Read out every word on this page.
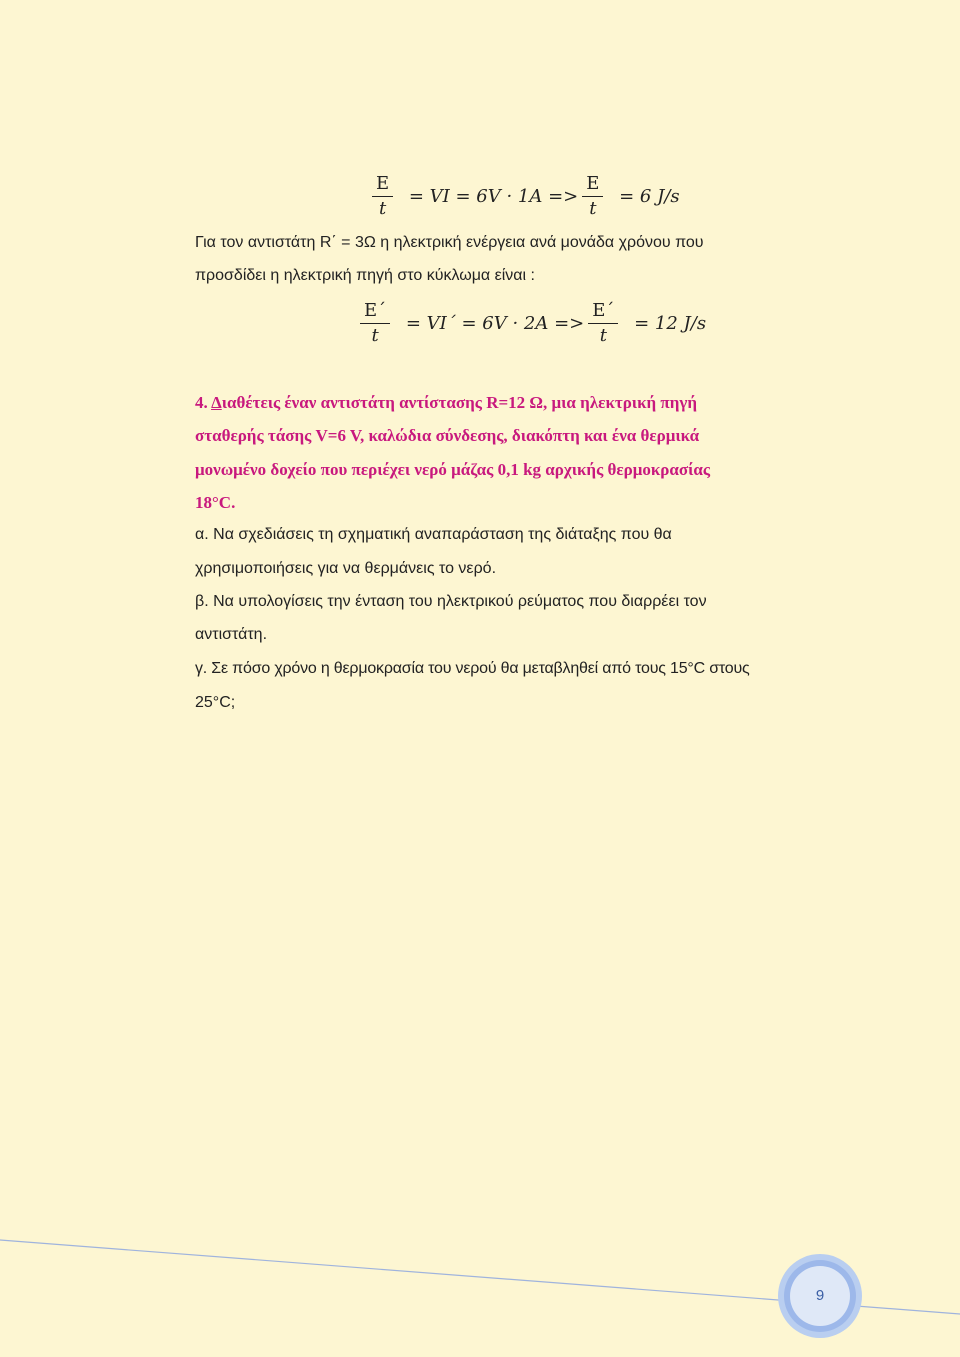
$\frac{E}{t}$ = 𝑉𝐼 = 6𝑉 · 1𝐴 => $\frac{E}{t} = 6$ 𝐽/𝑠
Για τον αντιστάτη R΄ = 3Ω η ηλεκτρική ενέργεια ανά μονάδα χρόνου που
προσδίδει η ηλεκτρική πηγή στο κύκλωμα είναι :
$\frac{E΄}{t}$ = 𝑉𝐼΄ = 6𝑉 · 2𝐴 => $\frac{E΄}{t} = 12$ 𝐽/𝑠
4. Διαθέτεις έναν αντιστάτη αντίστασης R=12 Ω, μια ηλεκτρική πηγή
σταθερής τάσης V=6 V, καλώδια σύνδεσης, διακόπτη και ένα θερμικά
μονωμένο δοχείο που περιέχει νερό μάζας 0,1 kg αρχικής θερμοκρασίας
18°C.
α. Να σχεδιάσεις τη σχηματική αναπαράσταση της διάταξης που θα
χρησιμοποιήσεις για να θερμάνεις το νερό.
β. Να υπολογίσεις την ένταση του ηλεκτρικού ρεύματος που διαρρέει τον
αντιστάτη.
γ. Σε πόσο χρόνο η θερμοκρασία του νερού θα μεταβληθεί από τους 15°C στους
25°C;
9
